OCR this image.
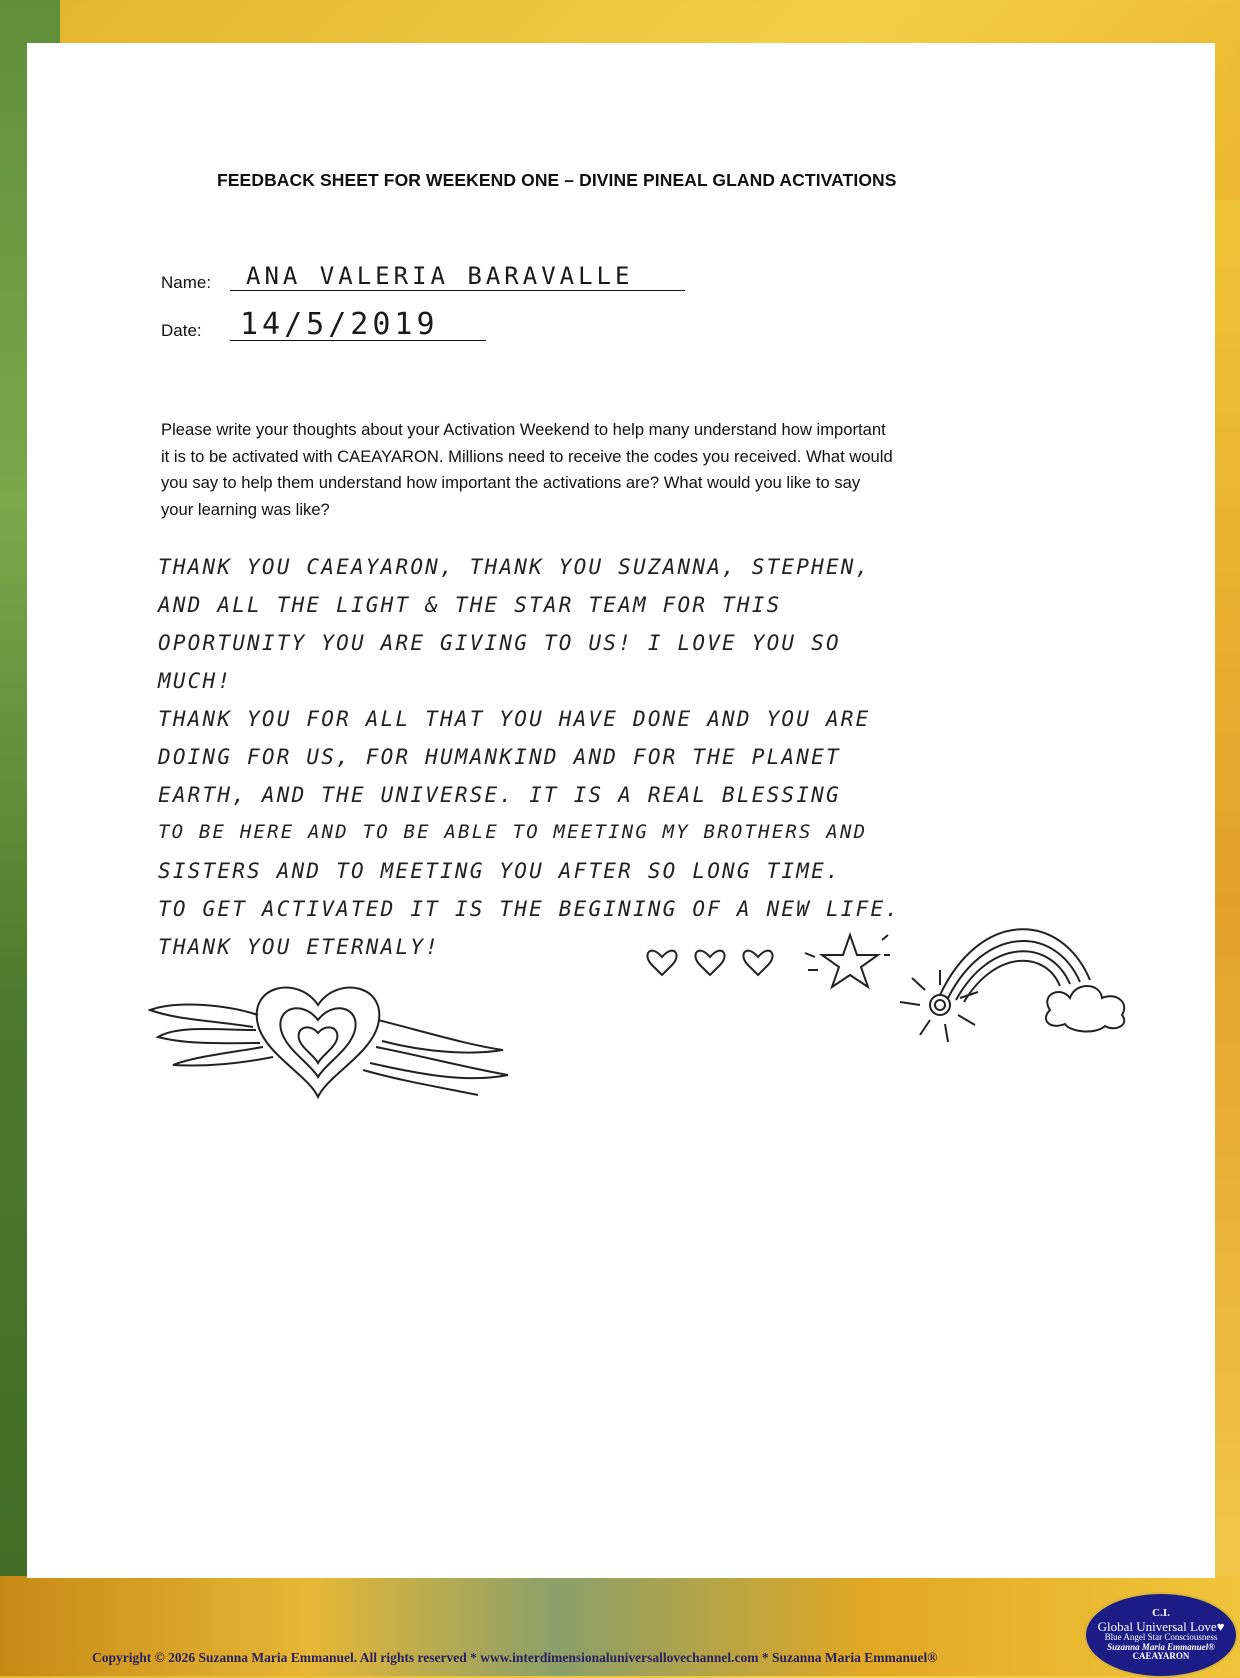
FEEDBACK SHEET FOR WEEKEND ONE – DIVINE PINEAL GLAND ACTIVATIONS
Name: ANA VALERIA BARAVALLE
Date: 14/5/2019
Please write your thoughts about your Activation Weekend to help many understand how important
it is to be activated with CAEAYARON. Millions need to receive the codes you received. What would
you say to help them understand how important the activations are? What would you like to say
your learning was like?
THANK YOU CAEAYARON, THANK YOU SUZANNA, STEPHEN,
AND ALL THE LIGHT & THE STAR TEAM FOR THIS
OPORTUNITY YOU ARE GIVING TO US! I LOVE YOU SO
MUCH!
THANK YOU FOR ALL THAT YOU HAVE DONE AND YOU ARE
DOING FOR US, FOR HUMANKIND AND FOR THE PLANET
EARTH, AND THE UNIVERSE. IT IS A REAL BLESSING
TO BE HERE AND TO BE ABLE TO MEETING MY BROTHERS AND
SISTERS AND TO MEETING YOU AFTER SO LONG TIME.
TO GET ACTIVATED IT IS THE BEGINING OF A NEW LIFE.
THANK YOU ETERNALY!
Copyright © 2026 Suzanna Maria Emmanuel. All rights reserved * www.interdimensionaluniversallovechannel.com * Suzanna Maria Emmanuel®
C.I.
Global Universal Love♥
Blue Angel Star Consciousness
Suzanna Maria Emmanuel®
CAEAYARON
